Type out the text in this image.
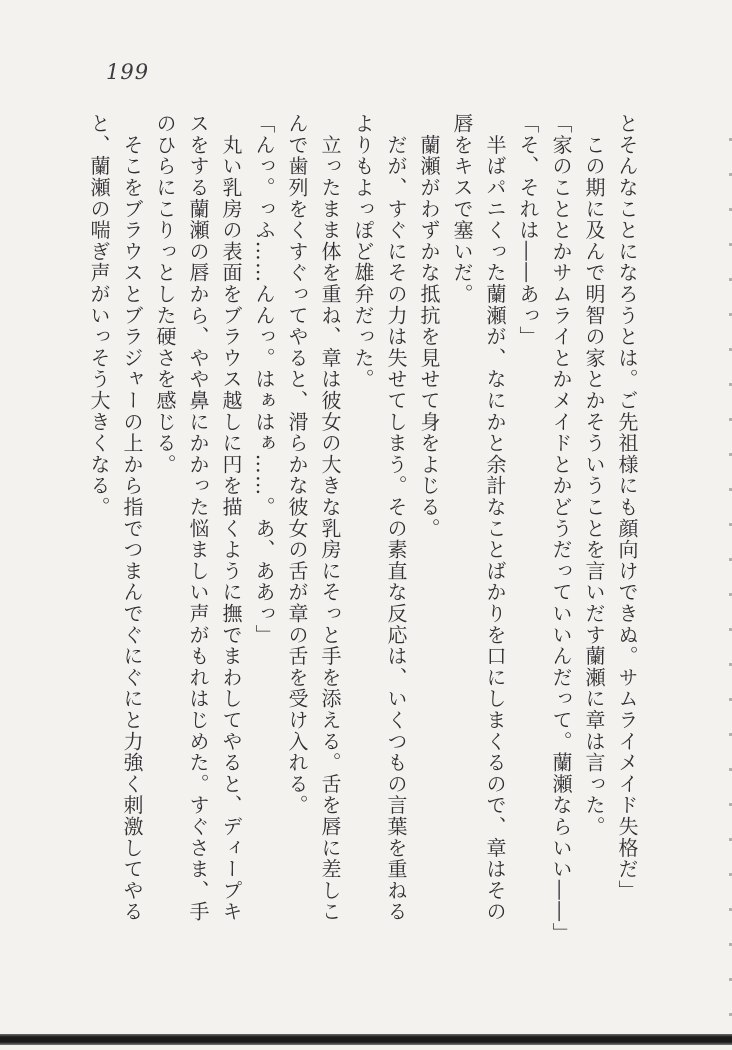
199

とそんなことになろうとは。ご先祖様にも顔向けできぬ。サムライメイド失格だ」

　この期に及んで明智の家とかそういうことを言いだす蘭瀬に章は言った。

「家のこととかサムライとかメイドとかどうだっていいんだって。蘭瀬ならいい――」

「そ、それは――あっ」

　半ばパニくった蘭瀬が、なにかと余計なことばかりを口にしまくるので、章はその

唇をキスで塞いだ。

　蘭瀬がわずかな抵抗を見せて身をよじる。

　だが、すぐにその力は失せてしまう。その素直な反応は、いくつもの言葉を重ねる

よりもよっぽど雄弁だった。

　立ったまま体を重ね、章は彼女の大きな乳房にそっと手を添える。舌を唇に差しこ

んで歯列をくすぐってやると、滑らかな彼女の舌が章の舌を受け入れる。

「んっ。っふ……んんっ。はぁはぁ……。あ、ああっ」

　丸い乳房の表面をブラウス越しに円を描くように撫でまわしてやると、ディープキ

スをする蘭瀬の唇から、やや鼻にかかった悩ましい声がもれはじめた。すぐさま、手

のひらにこりっとした硬さを感じる。

　そこをブラウスとブラジャーの上から指でつまんでぐにぐにと力強く刺激してやる

と、蘭瀬の喘ぎ声がいっそう大きくなる。
